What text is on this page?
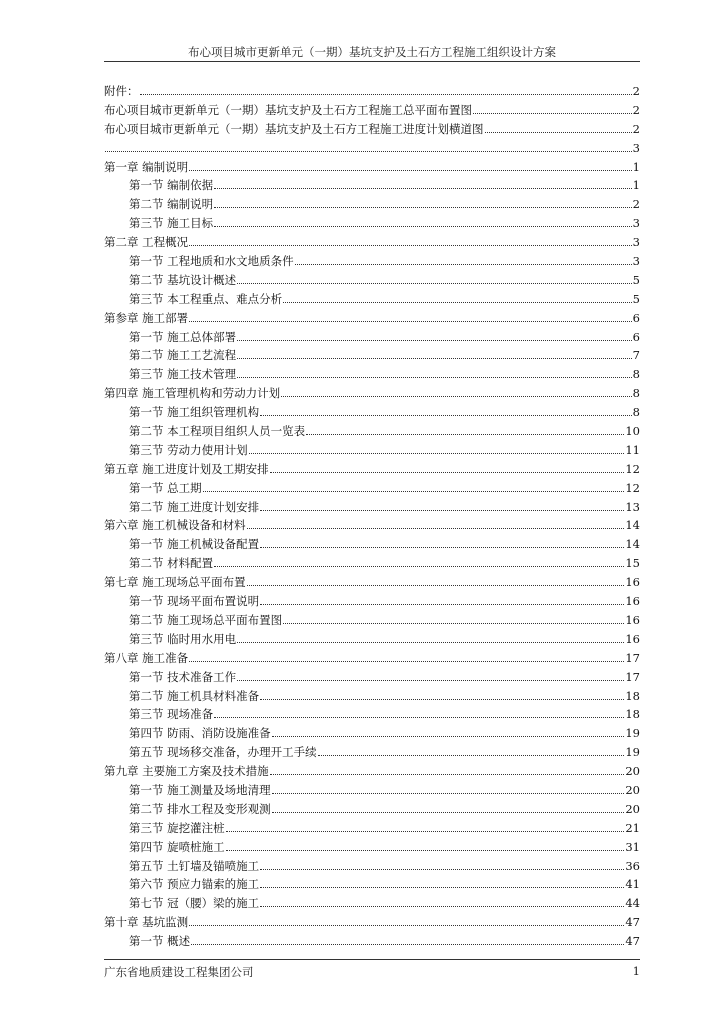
布心项目城市更新单元（一期）基坑支护及土石方工程施工组织设计方案
附件：	2
布心项目城市更新单元（一期）基坑支护及土石方工程施工总平面布置图	2
布心项目城市更新单元（一期）基坑支护及土石方工程施工进度计划横道图	2
3
第一章 编制说明	1
第一节 编制依据	1
第二节 编制说明	2
第三节 施工目标	3
第二章 工程概况	3
第一节 工程地质和水文地质条件	3
第二节 基坑设计概述	5
第三节 本工程重点、难点分析	5
第参章 施工部署	6
第一节 施工总体部署	6
第二节 施工工艺流程	7
第三节 施工技术管理	8
第四章 施工管理机构和劳动力计划	8
第一节 施工组织管理机构	8
第二节 本工程项目组织人员一览表	10
第三节 劳动力使用计划	11
第五章 施工进度计划及工期安排	12
第一节 总工期	12
第二节 施工进度计划安排	13
第六章 施工机械设备和材料	14
第一节 施工机械设备配置	14
第二节 材料配置	15
第七章 施工现场总平面布置	16
第一节 现场平面布置说明	16
第二节 施工现场总平面布置图	16
第三节 临时用水用电	16
第八章 施工准备	17
第一节 技术准备工作	17
第二节 施工机具材料准备	18
第三节 现场准备	18
第四节 防雨、消防设施准备	19
第五节 现场移交准备，办理开工手续	19
第九章 主要施工方案及技术措施	20
第一节 施工测量及场地清理	20
第二节 排水工程及变形观测	20
第三节 旋挖灌注桩	21
第四节 旋喷桩施工	31
第五节 土钉墙及锚喷施工	36
第六节 预应力锚索的施工	41
第七节 冠（腰）梁的施工	44
第十章 基坑监测	47
第一节 概述	47
广东省地质建设工程集团公司	1
